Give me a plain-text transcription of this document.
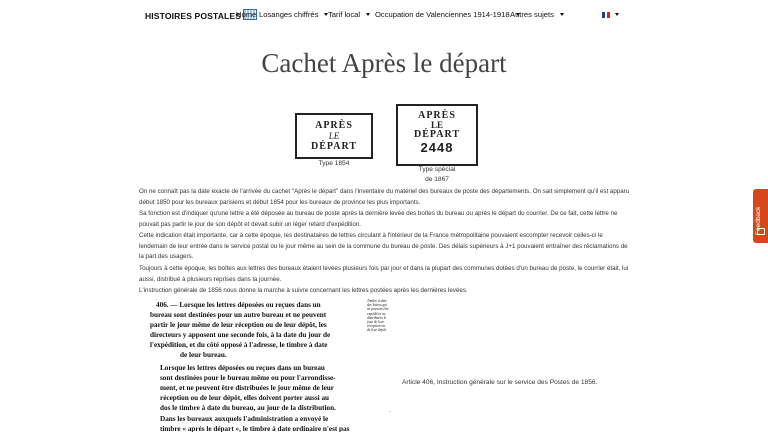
HISTOIRES POSTALES
Home Losanges chiffrés	Tarif local	Occupation de Valenciennes 1914-1918 Autres sujets
Cachet Après le départ
APRÈS
LE
DÉPART
Type 1854
APRÈS
LE
DÉPART
2448
Type spécial
de 1867
On ne connaît pas la date exacte de l'arrivée du cachet "Après le départ" dans l'inventaire du matériel des bureaux de poste des départements. On sait simplement qu'il est apparu début 1850 pour les bureaux parisiens et début 1854 pour les bureaux de province les plus importants.
Sa fonction est d'indiquer qu'une lettre a été déposée au bureau de poste après la dernière levée des boîtes du bureau ou après le départ du courrier. De ce fait, cette lettre ne pouvait pas partir le jour de son dépôt et devait subir un léger retard d'expédition.
Cette indication était importante, car à cette époque, les destinataires de lettres circulant à l'intérieur de la France métropolitaine pouvaient escompter recevoir celles-ci le lendemain de leur entrée dans le service postal ou le jour même au sein de la commune du bureau de poste. Des délais supérieurs à J+1 pouvaient entraîner des réclamations de la part des usagers.
Toujours à cette époque, les boîtes aux lettres des bureaux étaient levées plusieurs fois par jour et dans la plupart des communes dotées d'un bureau de poste, le courrier était, lui aussi, distribué à plusieurs reprises dans la journée.
L'instruction générale de 1856 nous donne la marche à suivre concernant les lettres postées après les dernières levées.
406. — Lorsque les lettres déposées ou reçues dans un
bureau sont destinées pour un autre bureau et ne peuvent
partir le jour même de leur réception ou de leur dépôt, les
directeurs y apposent une seconde fois, à la date du jour de
l'expédition, et du côté opposé à l'adresse, le timbre à date
de leur bureau.
Lorsque les lettres déposées ou reçues dans un bureau
sont destinées pour le bureau même ou pour l'arrondisse-
ment, et ne peuvent être distribuées le jour même de leur
réception ou de leur dépôt, elles doivent porter aussi au
dos le timbre à date du bureau, au jour de la distribution.
Dans les bureaux auxquels l'administration a envoyé le
timbre « après le départ », le timbre à date ordinaire n'est pas
Timbre à date des lettres qui ne peuvent être expédiées ou distribuées le jour de leur réception ou de leur dépôt.
Article 406, Instruction générale sur le service des Postes de 1856.
.
Feedback
